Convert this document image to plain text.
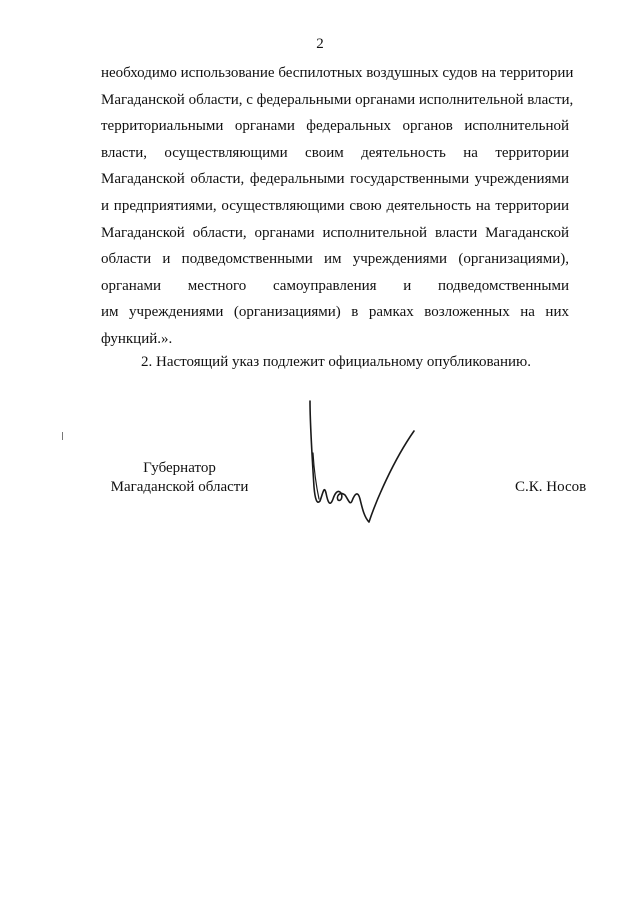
2
необходимо использование беспилотных воздушных судов на территории
Магаданской области, с федеральными органами исполнительной власти,
территориальными органами федеральных органов исполнительной
власти, осуществляющими своим деятельность на территории
Магаданской области, федеральными государственными учреждениями
и предприятиями, осуществляющими свою деятельность на территории
Магаданской области, органами исполнительной власти Магаданской
области и подведомственными им учреждениями (организациями),
органами местного самоуправления и подведомственными
им учреждениями (организациями) в рамках возложенных на них
функций.».
2. Настоящий указ подлежит официальному опубликованию.
Губернатор
Магаданской области	С.К. Носов
